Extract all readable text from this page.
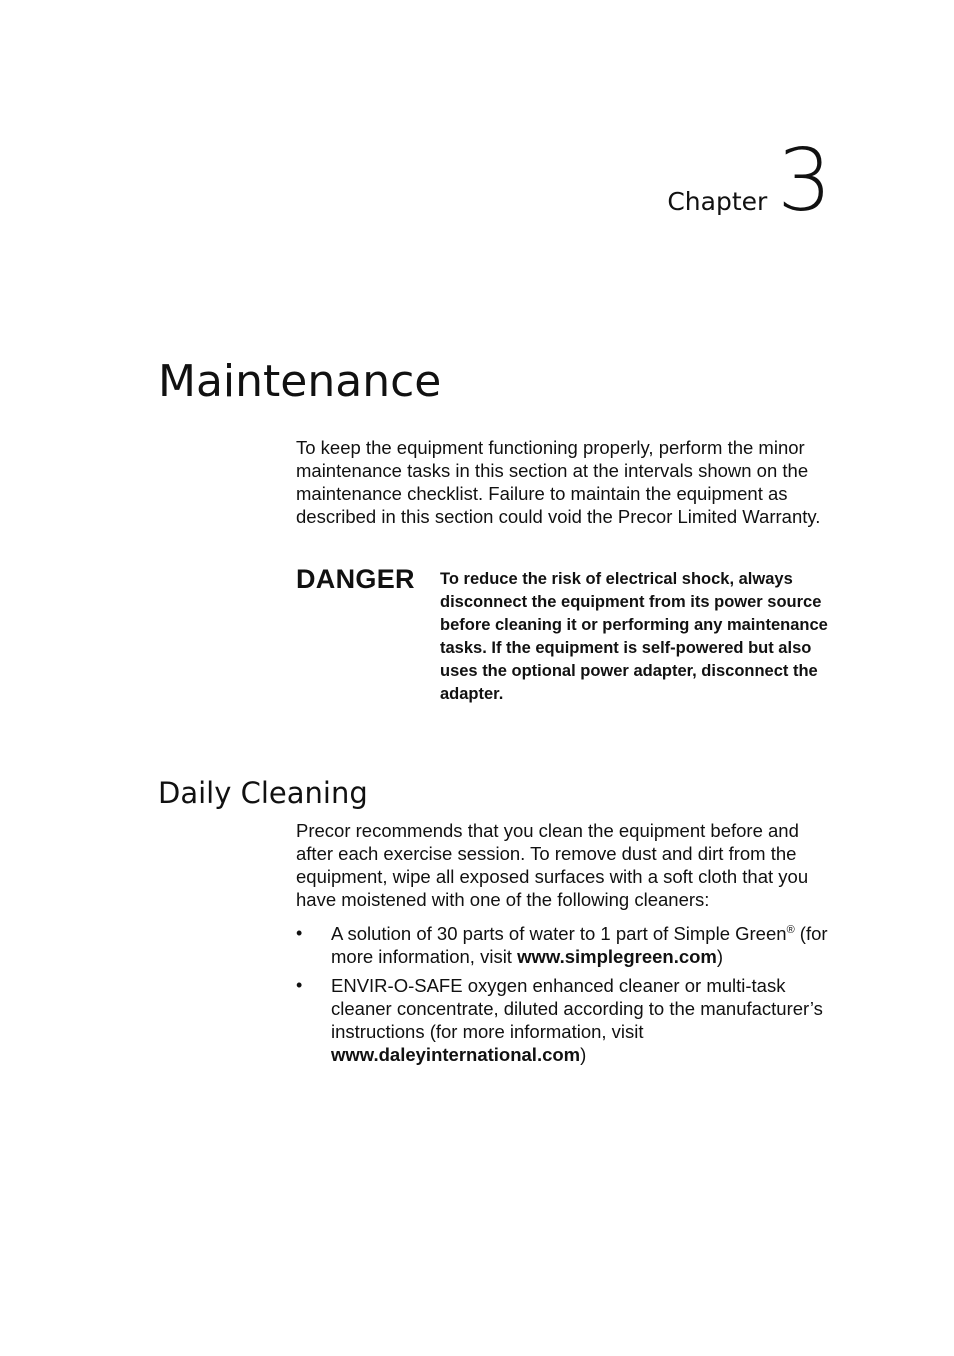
Chapter 3
Maintenance

To keep the equipment functioning properly, perform the minor maintenance tasks in this section at the intervals shown on the maintenance checklist. Failure to maintain the equipment as described in this section could void the Precor Limited Warranty.

DANGER To reduce the risk of electrical shock, always disconnect the equipment from its power source before cleaning it or performing any maintenance tasks. If the equipment is self-powered but also uses the optional power adapter, disconnect the adapter.

Daily Cleaning

Precor recommends that you clean the equipment before and after each exercise session. To remove dust and dirt from the equipment, wipe all exposed surfaces with a soft cloth that you have moistened with one of the following cleaners:

• A solution of 30 parts of water to 1 part of Simple Green® (for more information, visit www.simplegreen.com)
• ENVIR-O-SAFE oxygen enhanced cleaner or multi-task cleaner concentrate, diluted according to the manufacturer’s instructions (for more information, visit www.daleyinternational.com)
